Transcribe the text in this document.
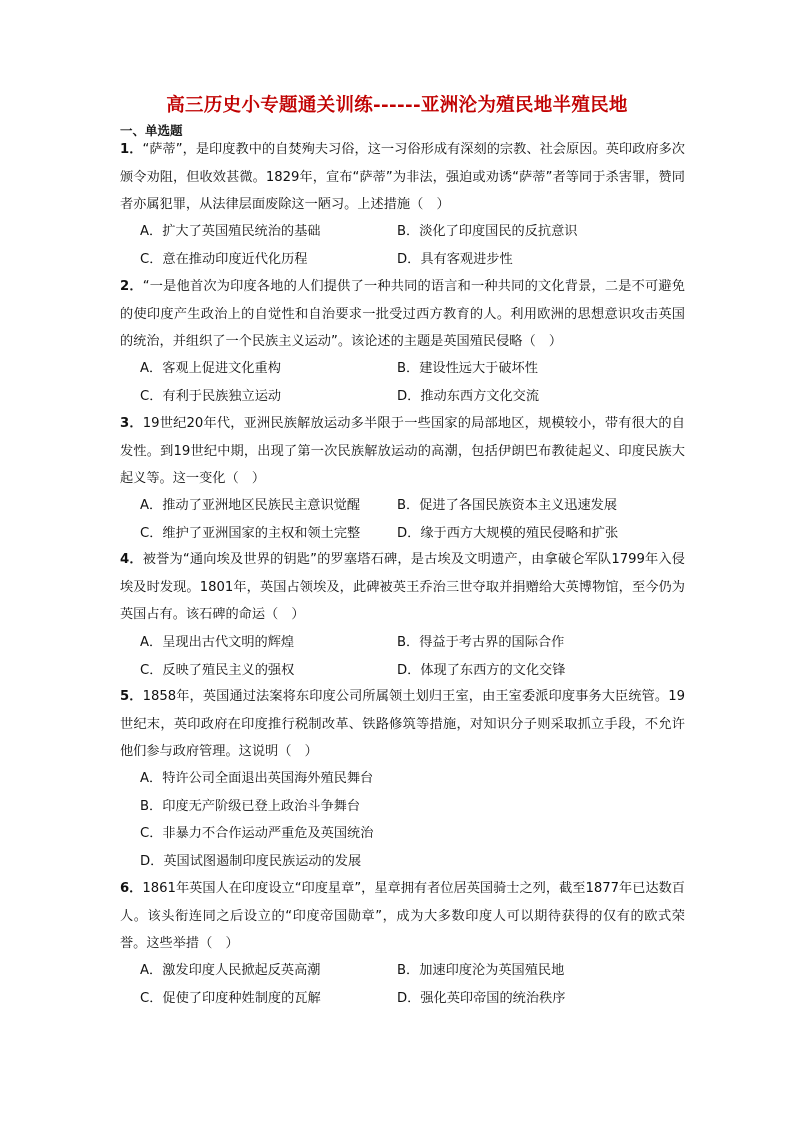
高三历史小专题通关训练------亚洲沦为殖民地半殖民地
一、单选题
1．“萨蒂”，是印度教中的自焚殉夫习俗，这一习俗形成有深刻的宗教、社会原因。英印政府多次颁令劝阻，但收效甚微。1829年，宣布“萨蒂”为非法，强迫或劝诱“萨蒂”者等同于杀害罪，赞同者亦属犯罪，从法律层面废除这一陋习。上述措施（　）
A．扩大了英国殖民统治的基础	B．淡化了印度国民的反抗意识
C．意在推动印度近代化历程	D．具有客观进步性
2．“一是他首次为印度各地的人们提供了一种共同的语言和一种共同的文化背景，二是不可避免的使印度产生政治上的自觉性和自治要求一批受过西方教育的人。利用欧洲的思想意识攻击英国的统治，并组织了一个民族主义运动”。该论述的主题是英国殖民侵略（　）
A．客观上促进文化重构	B．建设性远大于破坏性
C．有利于民族独立运动	D．推动东西方文化交流
3．19世纪20年代，亚洲民族解放运动多半限于一些国家的局部地区，规模较小，带有很大的自发性。到19世纪中期，出现了第一次民族解放运动的高潮，包括伊朗巴布教徒起义、印度民族大起义等。这一变化（　）
A．推动了亚洲地区民族民主意识觉醒	B．促进了各国民族资本主义迅速发展
C．维护了亚洲国家的主权和领土完整	D．缘于西方大规模的殖民侵略和扩张
4．被誉为“通向埃及世界的钥匙”的罗塞塔石碑，是古埃及文明遗产，由拿破仑军队1799年入侵埃及时发现。1801年，英国占领埃及，此碑被英王乔治三世夺取并捐赠给大英博物馆，至今仍为英国占有。该石碑的命运（　）
A．呈现出古代文明的辉煌	B．得益于考古界的国际合作
C．反映了殖民主义的强权	D．体现了东西方的文化交锋
5．1858年，英国通过法案将东印度公司所属领土划归王室，由王室委派印度事务大臣统管。19世纪末，英印政府在印度推行税制改革、铁路修筑等措施，对知识分子则采取抓立手段，不允许他们参与政府管理。这说明（　）
A．特许公司全面退出英国海外殖民舞台
B．印度无产阶级已登上政治斗争舞台
C．非暴力不合作运动严重危及英国统治
D．英国试图遏制印度民族运动的发展
6．1861年英国人在印度设立“印度星章”，星章拥有者位居英国骑士之列，截至1877年已达数百人。该头衔连同之后设立的“印度帝国勋章”，成为大多数印度人可以期待获得的仅有的欧式荣誉。这些举措（　）
A．激发印度人民掀起反英高潮	B．加速印度沦为英国殖民地
C．促使了印度种姓制度的瓦解	D．强化英印帝国的统治秩序
